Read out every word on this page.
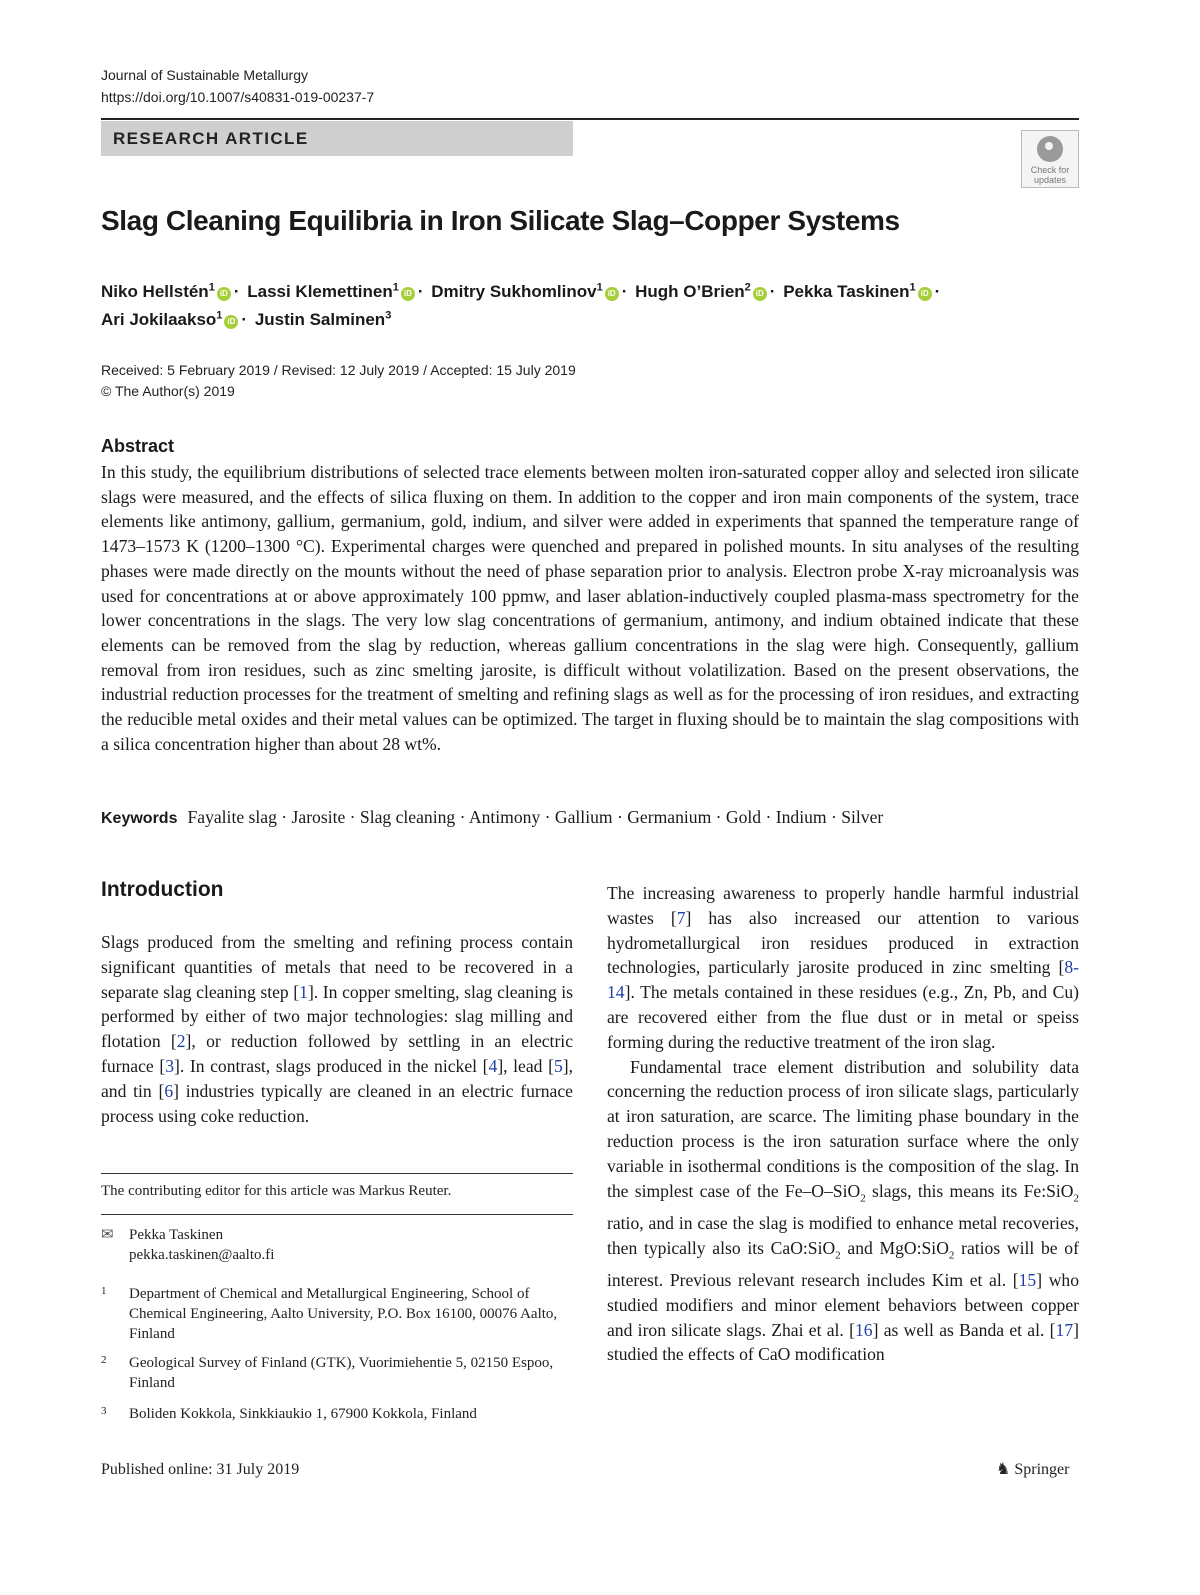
Journal of Sustainable Metallurgy
https://doi.org/10.1007/s40831-019-00237-7
RESEARCH ARTICLE
Check for
updates
Slag Cleaning Equilibria in Iron Silicate Slag–Copper Systems
Niko Hellstén$^1$iD · Lassi Klemettinen$^1$iD · Dmitry Sukhomlinov$^1$iD · Hugh O’Brien$^2$iD · Pekka Taskinen$^1$iD ·
Ari Jokilaakso$^1$iD · Justin Salminen$^3$
Received: 5 February 2019 / Revised: 12 July 2019 / Accepted: 15 July 2019
© The Author(s) 2019
Abstract

In this study, the equilibrium distributions of selected trace elements between molten iron-saturated copper alloy and selected iron silicate slags were measured, and the effects of silica fluxing on them. In addition to the copper and iron main components of the system, trace elements like antimony, gallium, germanium, gold, indium, and silver were added in experiments that spanned the temperature range of 1473–1573 K (1200–1300 °C). Experimental charges were quenched and prepared in polished mounts. In situ analyses of the resulting phases were made directly on the mounts without the need of phase separation prior to analysis. Electron probe X-ray microanalysis was used for concentrations at or above approximately 100 ppmw, and laser ablation-inductively coupled plasma-mass spectrometry for the lower concentrations in the slags. The very low slag concentrations of germanium, antimony, and indium obtained indicate that these elements can be removed from the slag by reduction, whereas gallium concentrations in the slag were high. Consequently, gallium removal from iron residues, such as zinc smelting jarosite, is difficult without volatilization. Based on the present observations, the industrial reduction processes for the treatment of smelting and refining slags as well as for the processing of iron residues, and extracting the reducible metal oxides and their metal values can be optimized. The target in fluxing should be to maintain the slag compositions with a silica concentration higher than about 28 wt%.

Keywords Fayalite slag · Jarosite · Slag cleaning · Antimony · Gallium · Germanium · Gold · Indium · Silver
Introduction

Slags produced from the smelting and refining process contain significant quantities of metals that need to be recovered in a separate slag cleaning step [1]. In copper smelting, slag cleaning is performed by either of two major technologies: slag milling and flotation [2], or reduction followed by settling in an electric furnace [3]. In contrast, slags produced in the nickel [4], lead [5], and tin [6] industries typically are cleaned in an electric furnace process using coke reduction.

The increasing awareness to properly handle harmful industrial wastes [7] has also increased our attention to various hydrometallurgical iron residues produced in extraction technologies, particularly jarosite produced in zinc smelting [8-14]. The metals contained in these residues (e.g., Zn, Pb, and Cu) are recovered either from the flue dust or in metal or speiss forming during the reductive treatment of the iron slag.

Fundamental trace element distribution and solubility data concerning the reduction process of iron silicate slags, particularly at iron saturation, are scarce. The limiting phase boundary in the reduction process is the iron saturation surface where the only variable in isothermal conditions is the composition of the slag. In the simplest case of the Fe–O–SiO$_2$ slags, this means its Fe:SiO$_2$ ratio, and in case the slag is modified to enhance metal recoveries, then typically also its CaO:SiO$_2$ and MgO:SiO$_2$ ratios will be of interest. Previous relevant research includes Kim et al. [15] who studied modifiers and minor element behaviors between copper and iron silicate slags. Zhai et al. [16] as well as Banda et al. [17] studied the effects of CaO modification

The contributing editor for this article was Markus Reuter.
✉ Pekka Taskinen
pekka.taskinen@aalto.fi
1 Department of Chemical and Metallurgical Engineering, School of Chemical Engineering, Aalto University, P.O. Box 16100, 00076 Aalto, Finland
2 Geological Survey of Finland (GTK), Vuorimiehentie 5, 02150 Espoo, Finland
3 Boliden Kokkola, Sinkkiaukio 1, 67900 Kokkola, Finland
Published online: 31 July 2019	♞ Springer
